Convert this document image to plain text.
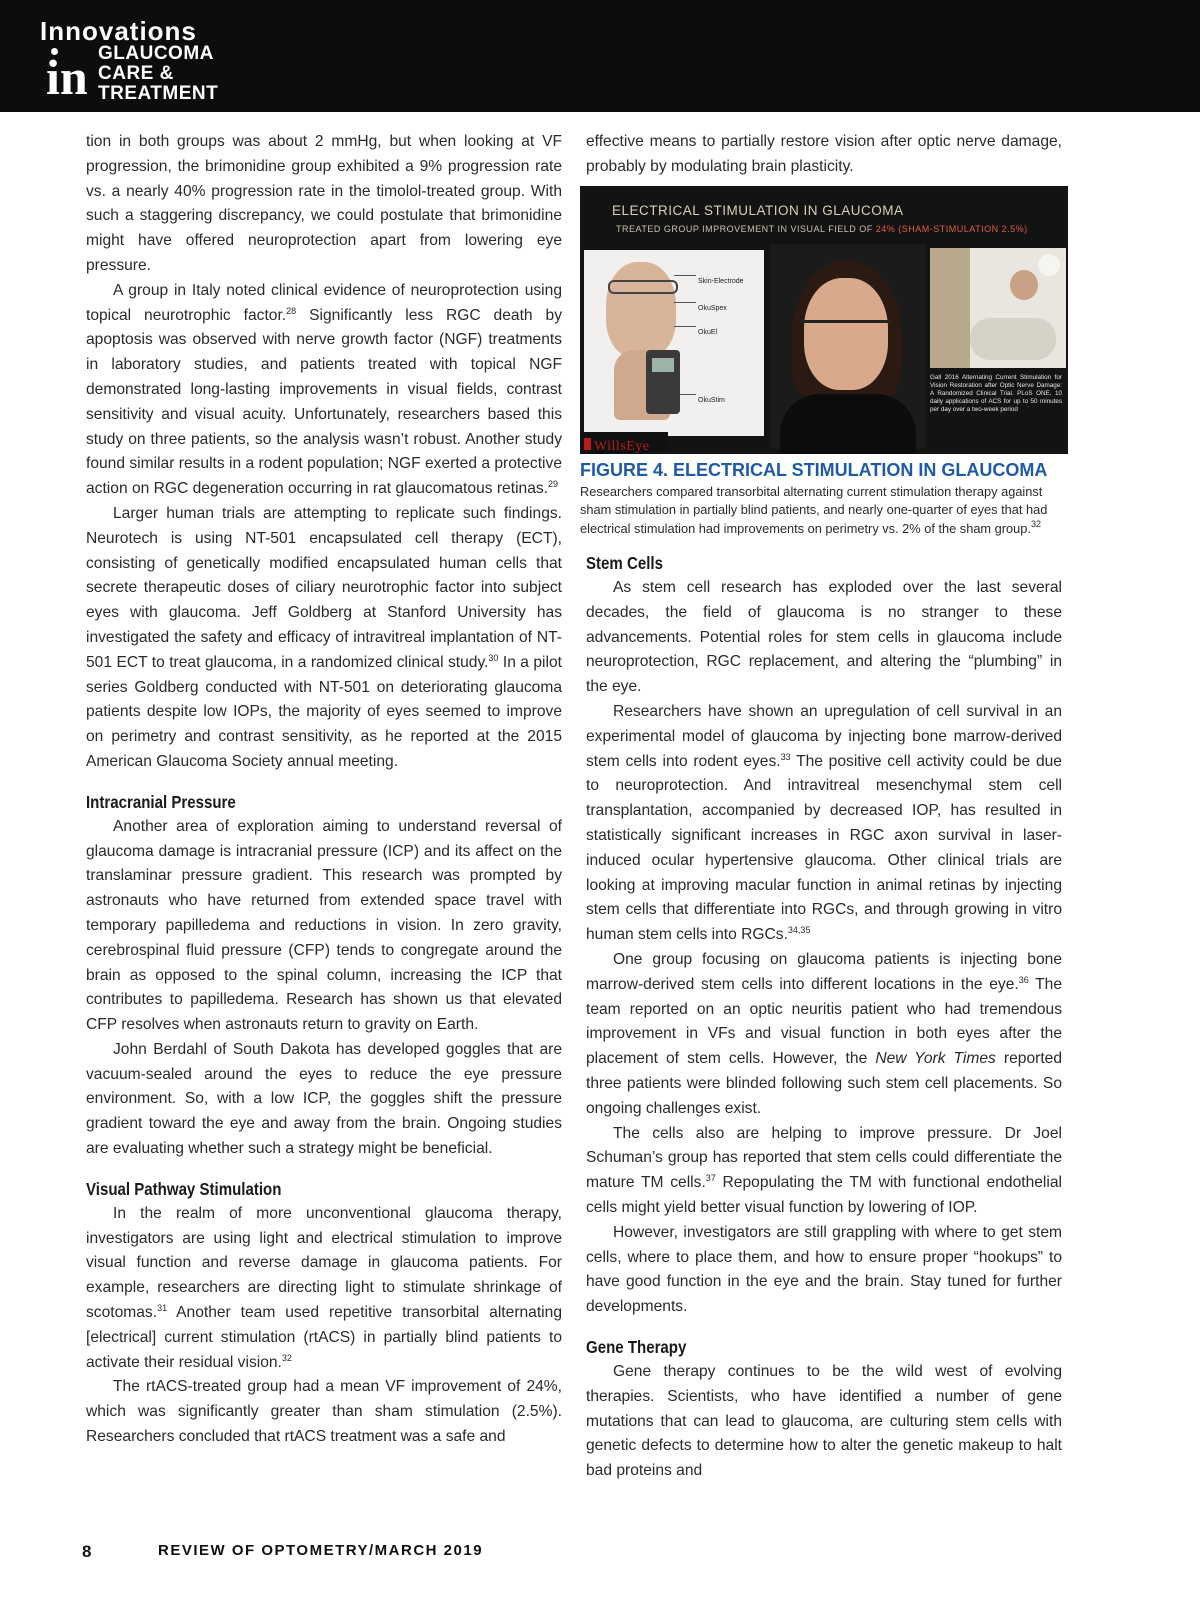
Innovations
in GLAUCOMA
CARE &
TREATMENT

tion in both groups was about 2 mmHg, but when looking at VF progression, the brimonidine group exhibited a 9% progression rate vs. a nearly 40% progression rate in the timolol-treated group. With such a staggering discrepancy, we could postulate that brimonidine might have offered neuroprotection apart from lowering eye pressure.

A group in Italy noted clinical evidence of neuroprotection using topical neurotrophic factor.$^{28}$ Significantly less RGC death by apoptosis was observed with nerve growth factor (NGF) treatments in laboratory studies, and patients treated with topical NGF demonstrated long-lasting improvements in visual fields, contrast sensitivity and visual acuity. Unfortunately, researchers based this study on three patients, so the analysis wasn’t robust. Another study found similar results in a rodent population; NGF exerted a protective action on RGC degeneration occurring in rat glaucomatous retinas.$^{29}$

Larger human trials are attempting to replicate such findings. Neurotech is using NT-501 encapsulated cell therapy (ECT), consisting of genetically modified encapsulated human cells that secrete therapeutic doses of ciliary neurotrophic factor into subject eyes with glaucoma. Jeff Goldberg at Stanford University has investigated the safety and efficacy of intravitreal implantation of NT-501 ECT to treat glaucoma, in a randomized clinical study.$^{30}$ In a pilot series Goldberg conducted with NT-501 on deteriorating glaucoma patients despite low IOPs, the majority of eyes seemed to improve on perimetry and contrast sensitivity, as he reported at the 2015 American Glaucoma Society annual meeting.

Intracranial Pressure

Another area of exploration aiming to understand reversal of glaucoma damage is intracranial pressure (ICP) and its affect on the translaminar pressure gradient. This research was prompted by astronauts who have returned from extended space travel with temporary papilledema and reductions in vision. In zero gravity, cerebrospinal fluid pressure (CFP) tends to congregate around the brain as opposed to the spinal column, increasing the ICP that contributes to papilledema. Research has shown us that elevated CFP resolves when astronauts return to gravity on Earth.

John Berdahl of South Dakota has developed goggles that are vacuum-sealed around the eyes to reduce the eye pressure environment. So, with a low ICP, the goggles shift the pressure gradient toward the eye and away from the brain. Ongoing studies are evaluating whether such a strategy might be beneficial.

Visual Pathway Stimulation

In the realm of more unconventional glaucoma therapy, investigators are using light and electrical stimulation to improve visual function and reverse damage in glaucoma patients. For example, researchers are directing light to stimulate shrinkage of scotomas.$^{31}$ Another team used repetitive transorbital alternating [electrical] current stimulation (rtACS) in partially blind patients to activate their residual vision.$^{32}$

The rtACS-treated group had a mean VF improvement of 24%, which was significantly greater than sham stimulation (2.5%). Researchers concluded that rtACS treatment was a safe and

effective means to partially restore vision after optic nerve damage, probably by modulating brain plasticity.

ELECTRICAL STIMULATION IN GLAUCOMA
TREATED GROUP IMPROVEMENT IN VISUAL FIELD OF 24% (SHAM-STIMULATION 2.5%)
Skin-Electrode
OkuSpex
OkuEl
OkuStim
Gall 2016 Alternating Current Stimulation for Vision Restoration after Optic Nerve Damage: A Randomized Clinical Trial. PLoS ONE. 10 daily applications of ACS for up to 50 minutes per day over a two-week period
WillsEye
FIGURE 4. ELECTRICAL STIMULATION IN GLAUCOMA
Researchers compared transorbital alternating current stimulation therapy against sham stimulation in partially blind patients, and nearly one-quarter of eyes that had electrical stimulation had improvements on perimetry vs. 2% of the sham group.$^{32}$
Stem Cells

As stem cell research has exploded over the last several decades, the field of glaucoma is no stranger to these advancements. Potential roles for stem cells in glaucoma include neuroprotection, RGC replacement, and altering the “plumbing” in the eye.

Researchers have shown an upregulation of cell survival in an experimental model of glaucoma by injecting bone marrow-derived stem cells into rodent eyes.$^{33}$ The positive cell activity could be due to neuroprotection. And intravitreal mesenchymal stem cell transplantation, accompanied by decreased IOP, has resulted in statistically significant increases in RGC axon survival in laser-induced ocular hypertensive glaucoma. Other clinical trials are looking at improving macular function in animal retinas by injecting stem cells that differentiate into RGCs, and through growing in vitro human stem cells into RGCs.$^{34,35}$

One group focusing on glaucoma patients is injecting bone marrow-derived stem cells into different locations in the eye.$^{36}$ The team reported on an optic neuritis patient who had tremendous improvement in VFs and visual function in both eyes after the placement of stem cells. However, the New York Times reported three patients were blinded following such stem cell placements. So ongoing challenges exist.

The cells also are helping to improve pressure. Dr Joel Schuman’s group has reported that stem cells could differentiate the mature TM cells.$^{37}$ Repopulating the TM with functional endothelial cells might yield better visual function by lowering of IOP.

However, investigators are still grappling with where to get stem cells, where to place them, and how to ensure proper “hookups” to have good function in the eye and the brain. Stay tuned for further developments.

Gene Therapy

Gene therapy continues to be the wild west of evolving therapies. Scientists, who have identified a number of gene mutations that can lead to glaucoma, are culturing stem cells with genetic defects to determine how to alter the genetic makeup to halt bad proteins and

8	REVIEW OF OPTOMETRY/MARCH 2019
